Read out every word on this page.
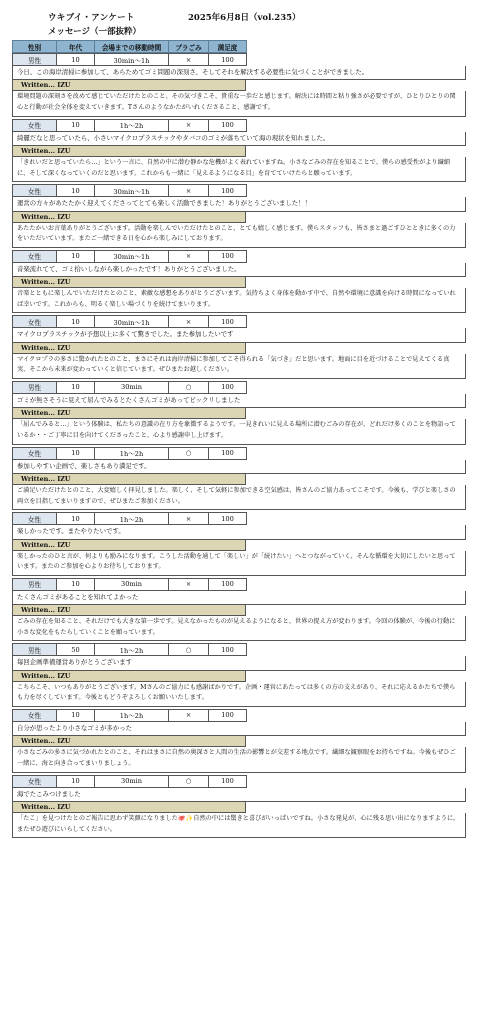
ウキブイ・アンケート	2025年6月8日（vol.235）
メッセージ（一部抜粋）
性別	年代	会場までの移動時間	プラごみ	満足度
男性	10	30min〜1h	×	100
今日、この海岸清掃に参加して、あらためてゴミ問題の深刻さ、そしてそれを解決する必要性に気づくことができました。
Written... IZU
環境問題の深刻さを改めて感じていただけたとのこと、その気づきこそ、貴重な一歩だと感じます。解決には時間と粘り強さが必要ですが、ひとりひとりの関心と行動が社会全体を変えていきます。Tさんのようなかたがいれくださること、感謝です。
女性	10	1h〜2h	×	100
綺麗だなと思っていたら、小さいマイクロプラスチックやタバコのゴミが落ちていて海の現状を知れました。
Written... IZU
「きれいだと思っていたら…」という一言に、自然の中に潜む静かな危機がよく表れていますね。小さなごみの存在を知ることで、僕らの感受性がより繊細に、そして深くなっていくのだと思います。これからも一緒に「見えるようになる目」を育てていけたらと願っています。
女性	10	30min〜1h	×	100
運営の方々があたたかく迎えてくださってとても楽しく活動できました！ありがとうございました！！
Written... IZU
あたたかいお言葉ありがとうございます。活動を楽しんでいただけたとのこと、とても嬉しく感じます。僕らスタッフも、皆さまと過ごすひとときに多くの力をいただいています。またご一緒できる日を心から楽しみにしております。
女性	10	30min〜1h	×	100
音楽流れてて、ゴミ拾いしながら楽しかったです！ありがとうございました。
Written... IZU
音楽とともに楽しんでいただけたとのこと、素敵な感想をありがとうございます。気持ちよく身体を動かす中で、自然や環境に意識を向ける時間になっていれば幸いです。これからも、明るく楽しい場づくりを続けてまいります。
女性	10	30min〜1h	×	100
マイクロプラスチックが予想以上に多くて驚きでした。また参加したいです
Written... IZU
マイクロプラの多さに驚かれたとのこと、まさにそれは海岸清掃に参加してこそ得られる「気づき」だと思います。地面に目を近づけることで見えてくる真実、そこから未来が変わっていくと信じています。ぜひまたお越しください。
男性	10	30min	○	100
ゴミが無さそうに見えて屈んでみるとたくさんゴミがあってビックリしました
Written... IZU
「屈んでみると…」という体験は、私たちの意識の在り方を象徴するようです。一見きれいに見える場所に潜むごみの存在が、どれだけ多くのことを物語っているか・・ご丁寧に目を向けてくださったこと、心より感謝申し上げます。
女性	10	1h〜2h	○	100
参加しやすい企画で、楽しさもあり満足です。
Written... IZU
ご満足いただけたとのこと、大変嬉しく拝見しました。楽しく、そして気軽に参加できる空気感は、皆さんのご協力あってこそです。今後も、学びと楽しさの両立を目指してまいりますので、ぜひまたご参加ください。
女性	10	1h〜2h	×	100
楽しかったです。またやりたいです。
Written... IZU
楽しかったのひと言が、何よりも励みになります。こうした活動を通して「楽しい」が「続けたい」へとつながっていく、そんな循環を大切にしたいと思っています。またのご参加を心よりお待ちしております。
男性	10	30min	×	100
たくさんゴミがあることを知れてよかった
Written... IZU
ごみの存在を知ること、それだけでも大きな第一歩です。見えなかったものが見えるようになると、世界の捉え方が変わります。今回の体験が、今後の行動に小さな変化をもたらしていくことを願っています。
男性	50	1h〜2h	○	100
毎回企画準備運営ありがとうございます
Written... IZU
こちらこそ、いつもありがとうございます。Mさんのご協力にも感謝ばかりです。企画・運営にあたっては多くの方の支えがあり、それに応えるかたちで僕らも力を尽くしています。今後ともどうぞよろしくお願いいたします。
女性	10	1h〜2h	×	100
自分が思ったより小さなゴミが多かった
Written... IZU
小さなごみの多さに気づかれたとのこと、それはまさに自然の奥深さと人間の生活の影響とが交差する地点です。繊細な観察眼をお持ちですね。今後もぜひご一緒に、海と向き合ってまいりましょう。
女性	10	30min	○	100
海でたこみつけました
Written... IZU
「たこ」を見つけたとのご報告に思わず笑顔になりました🐙✨自然の中には驚きと喜びがいっぱいですね。小さな発見が、心に残る思い出になりますように。またぜひ遊びにいらしてください。
